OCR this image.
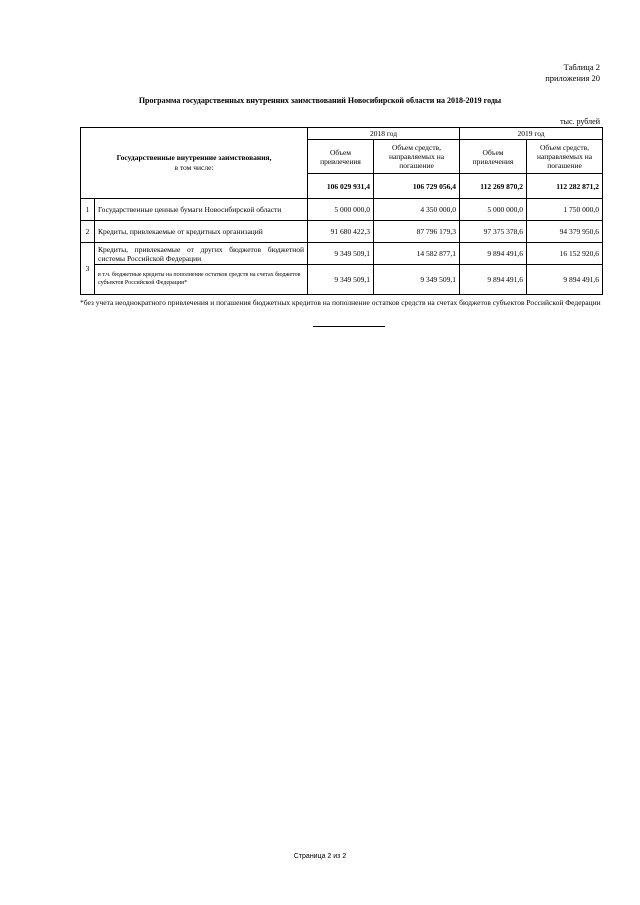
Таблица 2
приложения 20
Программа государственных внутренних заимствований Новосибирской области на 2018-2019 годы
тыс. рублей
Государственные внутренние заимствования,
в том числе:		2018 год		2019 год	
		Объем привлечения	Объем средств, направляемых на погашение	Объем привлечения	Объем средств, направляемых на погашение
		106 029 931,4	106 729 056,4	112 269 870,2	112 282 871,2
1	Государственные ценные бумаги Новосибирской области	5 000 000,0	4 350 000,0	5 000 000,0	1 750 000,0
2	Кредиты, привлекаемые от кредитных организаций	91 680 422,3	87 796 179,3	97 375 378,6	94 379 950,6
3	Кредиты, привлекаемые от других бюджетов бюджетной системы Российской Федерации	9 349 509,1	14 582 877,1	9 894 491,6	16 152 920,6
	в т.ч. бюджетные кредиты на пополнение остатков средств на счетах бюджетов субъектов Российской Федерации*	9 349 509,1	9 349 509,1	9 894 491,6	9 894 491,6
*без учета неоднократного привлечения и погашения бюджетных кредитов на пополнение остатков средств на счетах бюджетов субъектов Российской Федерации
Страница 2 из 2
